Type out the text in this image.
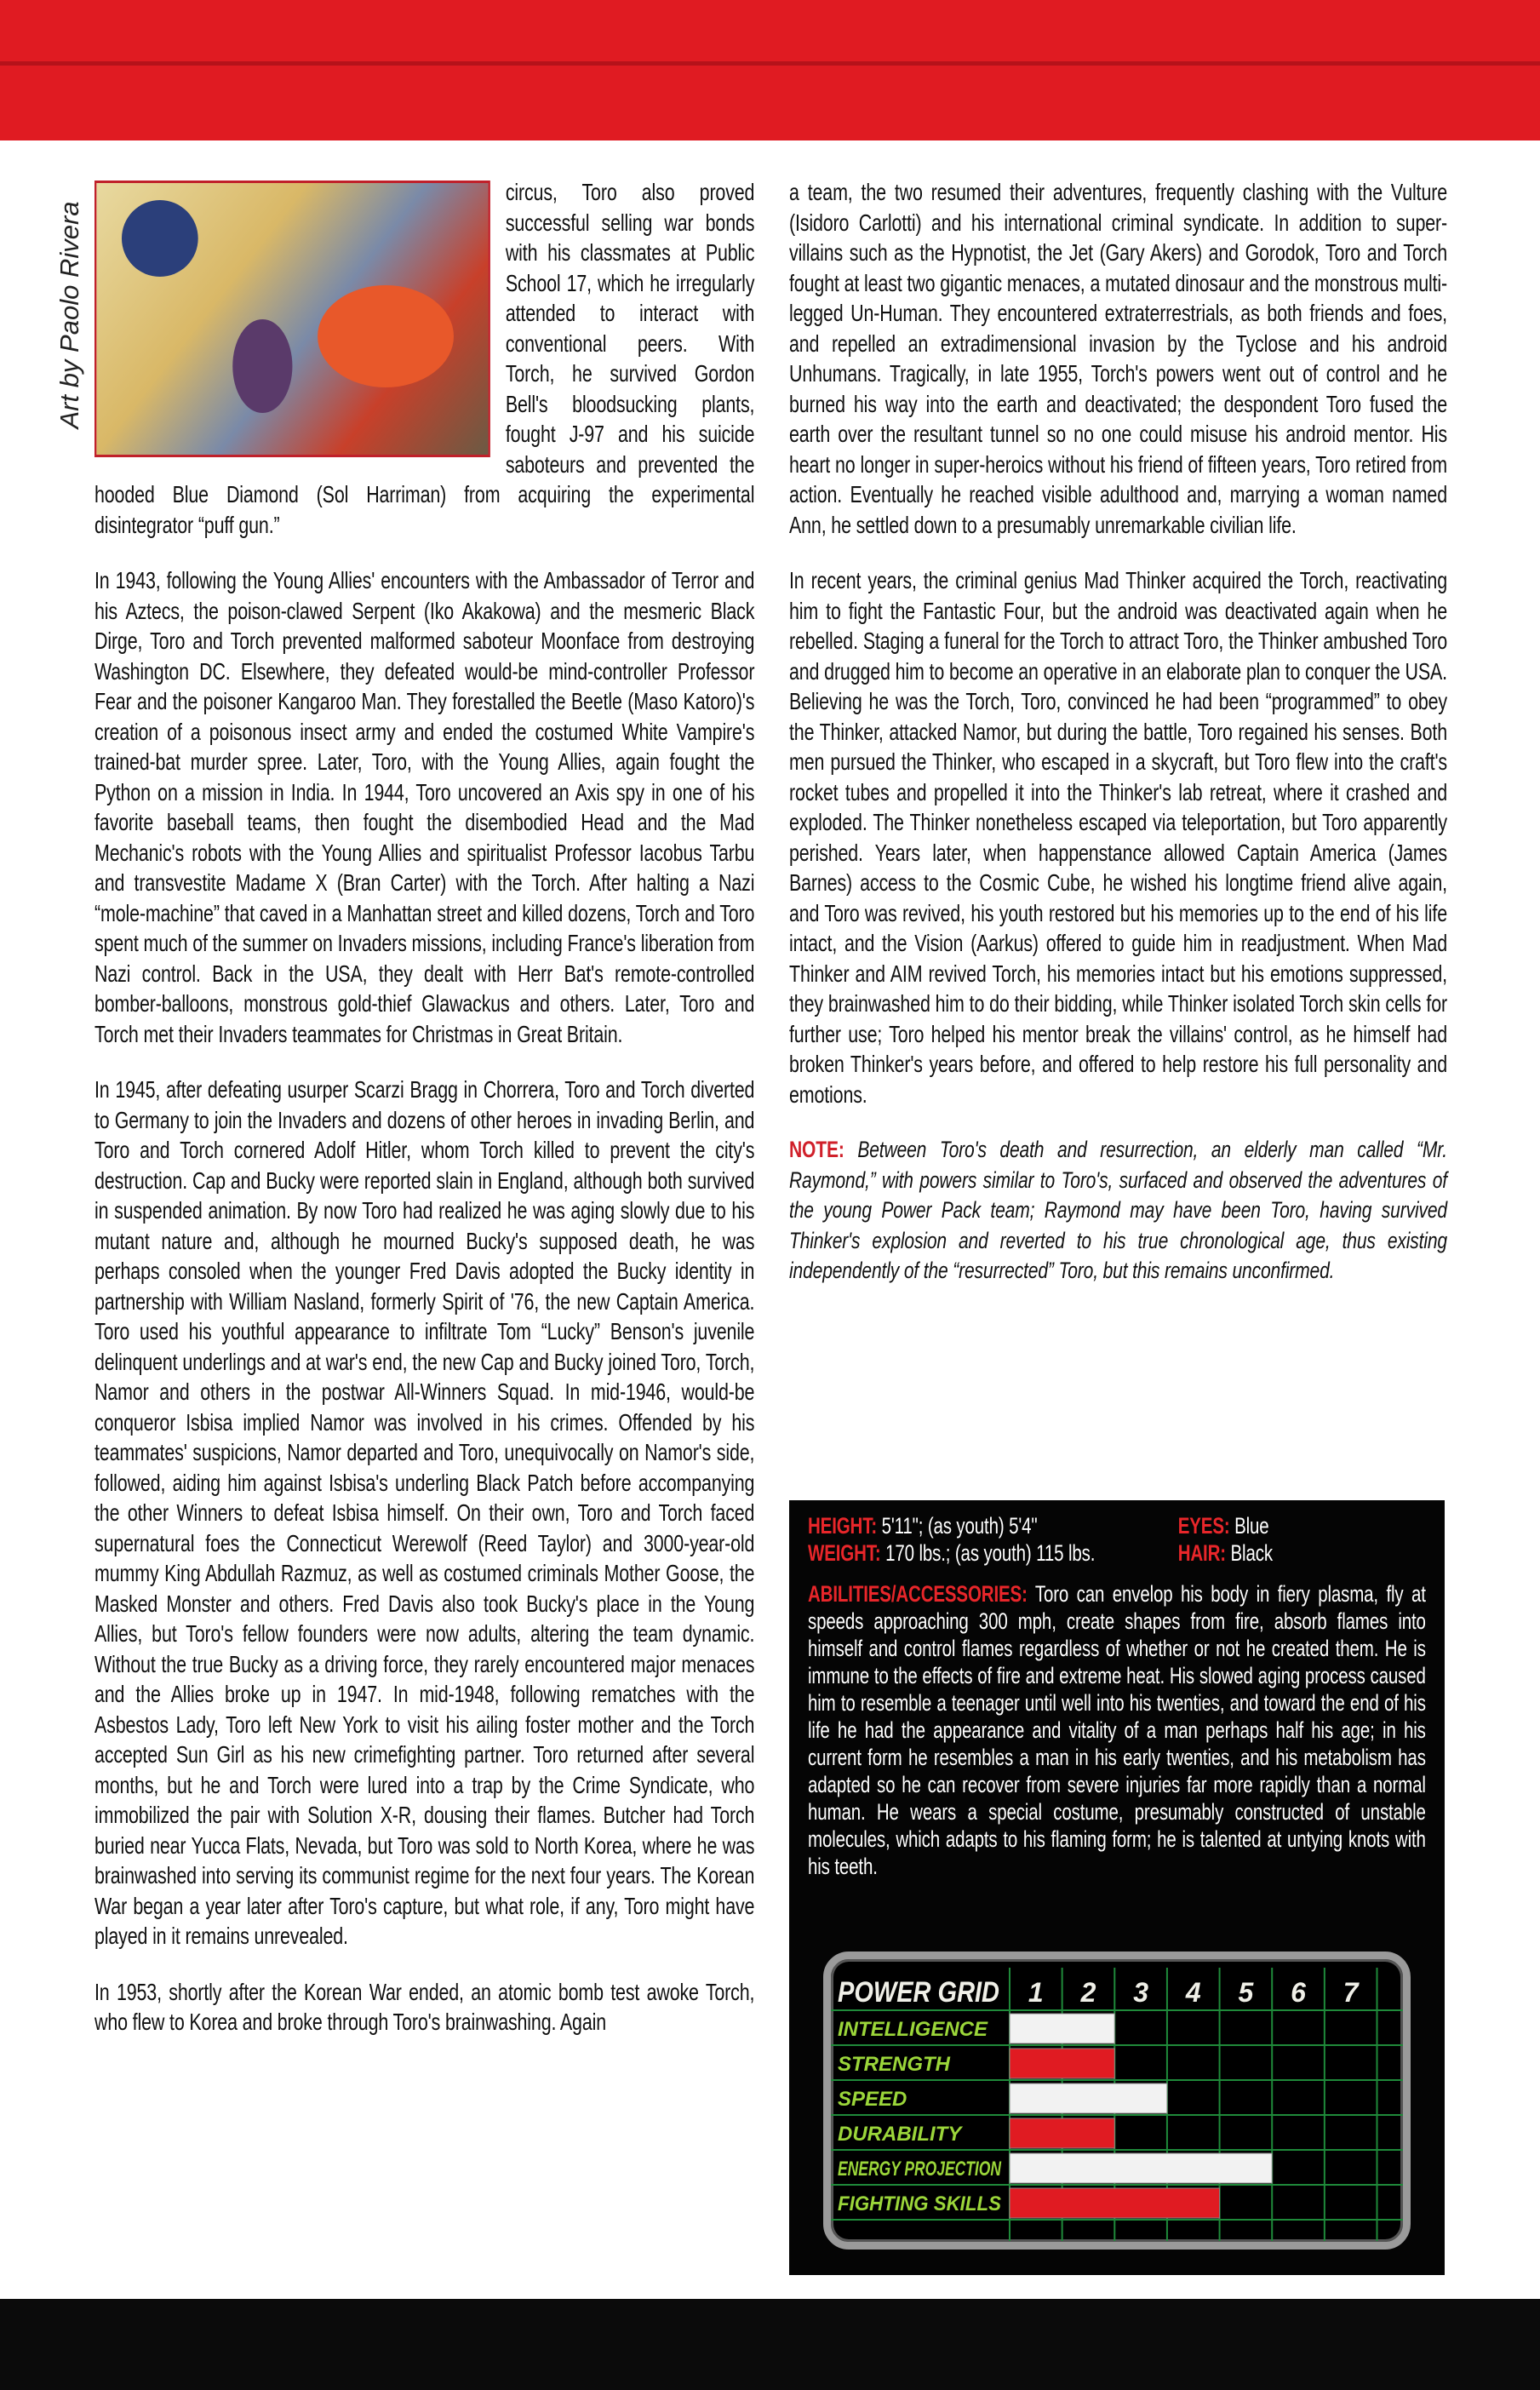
Art by Paolo Rivera

circus, Toro also proved successful selling war bonds with his classmates at Public School 17, which he irregularly attended to interact with conventional peers. With Torch, he survived Gordon Bell's bloodsucking plants, fought J-97 and his suicide saboteurs and prevented the hooded Blue Diamond (Sol Harriman) from acquiring the experimental disintegrator “puff gun.”

In 1943, following the Young Allies' encounters with the Ambassador of Terror and his Aztecs, the poison-clawed Serpent (Iko Akakowa) and the mesmeric Black Dirge, Toro and Torch prevented malformed saboteur Moonface from destroying Washington DC. Elsewhere, they defeated would-be mind-controller Professor Fear and the poisoner Kangaroo Man. They forestalled the Beetle (Maso Katoro)'s creation of a poisonous insect army and ended the costumed White Vampire's trained-bat murder spree. Later, Toro, with the Young Allies, again fought the Python on a mission in India. In 1944, Toro uncovered an Axis spy in one of his favorite baseball teams, then fought the disembodied Head and the Mad Mechanic's robots with the Young Allies and spiritualist Professor Iacobus Tarbu and transvestite Madame X (Bran Carter) with the Torch. After halting a Nazi “mole-machine” that caved in a Manhattan street and killed dozens, Torch and Toro spent much of the summer on Invaders missions, including France's liberation from Nazi control. Back in the USA, they dealt with Herr Bat's remote-controlled bomber-balloons, monstrous gold-thief Glawackus and others. Later, Toro and Torch met their Invaders teammates for Christmas in Great Britain.

In 1945, after defeating usurper Scarzi Bragg in Chorrera, Toro and Torch diverted to Germany to join the Invaders and dozens of other heroes in invading Berlin, and Toro and Torch cornered Adolf Hitler, whom Torch killed to prevent the city's destruction. Cap and Bucky were reported slain in England, although both survived in suspended animation. By now Toro had realized he was aging slowly due to his mutant nature and, although he mourned Bucky's supposed death, he was perhaps consoled when the younger Fred Davis adopted the Bucky identity in partnership with William Nasland, formerly Spirit of '76, the new Captain America. Toro used his youthful appearance to infiltrate Tom “Lucky” Benson's juvenile delinquent underlings and at war's end, the new Cap and Bucky joined Toro, Torch, Namor and others in the postwar All-Winners Squad. In mid-1946, would-be conqueror Isbisa implied Namor was involved in his crimes. Offended by his teammates' suspicions, Namor departed and Toro, unequivocally on Namor's side, followed, aiding him against Isbisa's underling Black Patch before accompanying the other Winners to defeat Isbisa himself. On their own, Toro and Torch faced supernatural foes the Connecticut Werewolf (Reed Taylor) and 3000-year-old mummy King Abdullah Razmuz, as well as costumed criminals Mother Goose, the Masked Monster and others. Fred Davis also took Bucky's place in the Young Allies, but Toro's fellow founders were now adults, altering the team dynamic. Without the true Bucky as a driving force, they rarely encountered major menaces and the Allies broke up in 1947. In mid-1948, following rematches with the Asbestos Lady, Toro left New York to visit his ailing foster mother and the Torch accepted Sun Girl as his new crimefighting partner. Toro returned after several months, but he and Torch were lured into a trap by the Crime Syndicate, who immobilized the pair with Solution X-R, dousing their flames. Butcher had Torch buried near Yucca Flats, Nevada, but Toro was sold to North Korea, where he was brainwashed into serving its communist regime for the next four years. The Korean War began a year later after Toro's capture, but what role, if any, Toro might have played in it remains unrevealed.

In 1953, shortly after the Korean War ended, an atomic bomb test awoke Torch, who flew to Korea and broke through Toro's brainwashing. Again

a team, the two resumed their adventures, frequently clashing with the Vulture (Isidoro Carlotti) and his international criminal syndicate. In addition to super-villains such as the Hypnotist, the Jet (Gary Akers) and Gorodok, Toro and Torch fought at least two gigantic menaces, a mutated dinosaur and the monstrous multi-legged Un-Human. They encountered extraterrestrials, as both friends and foes, and repelled an extradimensional invasion by the Tyclose and his android Unhumans. Tragically, in late 1955, Torch's powers went out of control and he burned his way into the earth and deactivated; the despondent Toro fused the earth over the resultant tunnel so no one could misuse his android mentor. His heart no longer in super-heroics without his friend of fifteen years, Toro retired from action. Eventually he reached visible adulthood and, marrying a woman named Ann, he settled down to a presumably unremarkable civilian life.

In recent years, the criminal genius Mad Thinker acquired the Torch, reactivating him to fight the Fantastic Four, but the android was deactivated again when he rebelled. Staging a funeral for the Torch to attract Toro, the Thinker ambushed Toro and drugged him to become an operative in an elaborate plan to conquer the USA. Believing he was the Torch, Toro, convinced he had been “programmed” to obey the Thinker, attacked Namor, but during the battle, Toro regained his senses. Both men pursued the Thinker, who escaped in a skycraft, but Toro flew into the craft's rocket tubes and propelled it into the Thinker's lab retreat, where it crashed and exploded. The Thinker nonetheless escaped via teleportation, but Toro apparently perished. Years later, when happenstance allowed Captain America (James Barnes) access to the Cosmic Cube, he wished his longtime friend alive again, and Toro was revived, his youth restored but his memories up to the end of his life intact, and the Vision (Aarkus) offered to guide him in readjustment. When Mad Thinker and AIM revived Torch, his memories intact but his emotions suppressed, they brainwashed him to do their bidding, while Thinker isolated Torch skin cells for further use; Toro helped his mentor break the villains' control, as he himself had broken Thinker's years before, and offered to help restore his full personality and emotions.

NOTE: Between Toro's death and resurrection, an elderly man called “Mr. Raymond,” with powers similar to Toro's, surfaced and observed the adventures of the young Power Pack team; Raymond may have been Toro, having survived Thinker's explosion and reverted to his true chronological age, thus existing independently of the “resurrected” Toro, but this remains unconfirmed.

HEIGHT: 5'11"; (as youth) 5'4"	EYES: Blue
WEIGHT: 170 lbs.; (as youth) 115 lbs.	HAIR: Black

ABILITIES/ACCESSORIES: Toro can envelop his body in fiery plasma, fly at speeds approaching 300 mph, create shapes from fire, absorb flames into himself and control flames regardless of whether or not he created them. He is immune to the effects of fire and extreme heat. His slowed aging process caused him to resemble a teenager until well into his twenties, and toward the end of his life he had the appearance and vitality of a man perhaps half his age; in his current form he resembles a man in his early twenties, and his metabolism has adapted so he can recover from severe injuries far more rapidly than a normal human. He wears a special costume, presumably constructed of unstable molecules, which adapts to his flaming form; he is talented at untying knots with his teeth.

POWER GRID 1 2 3 4 5 6 7
INTELLIGENCE
STRENGTH
SPEED
DURABILITY
ENERGY PROJECTION
FIGHTING SKILLS
